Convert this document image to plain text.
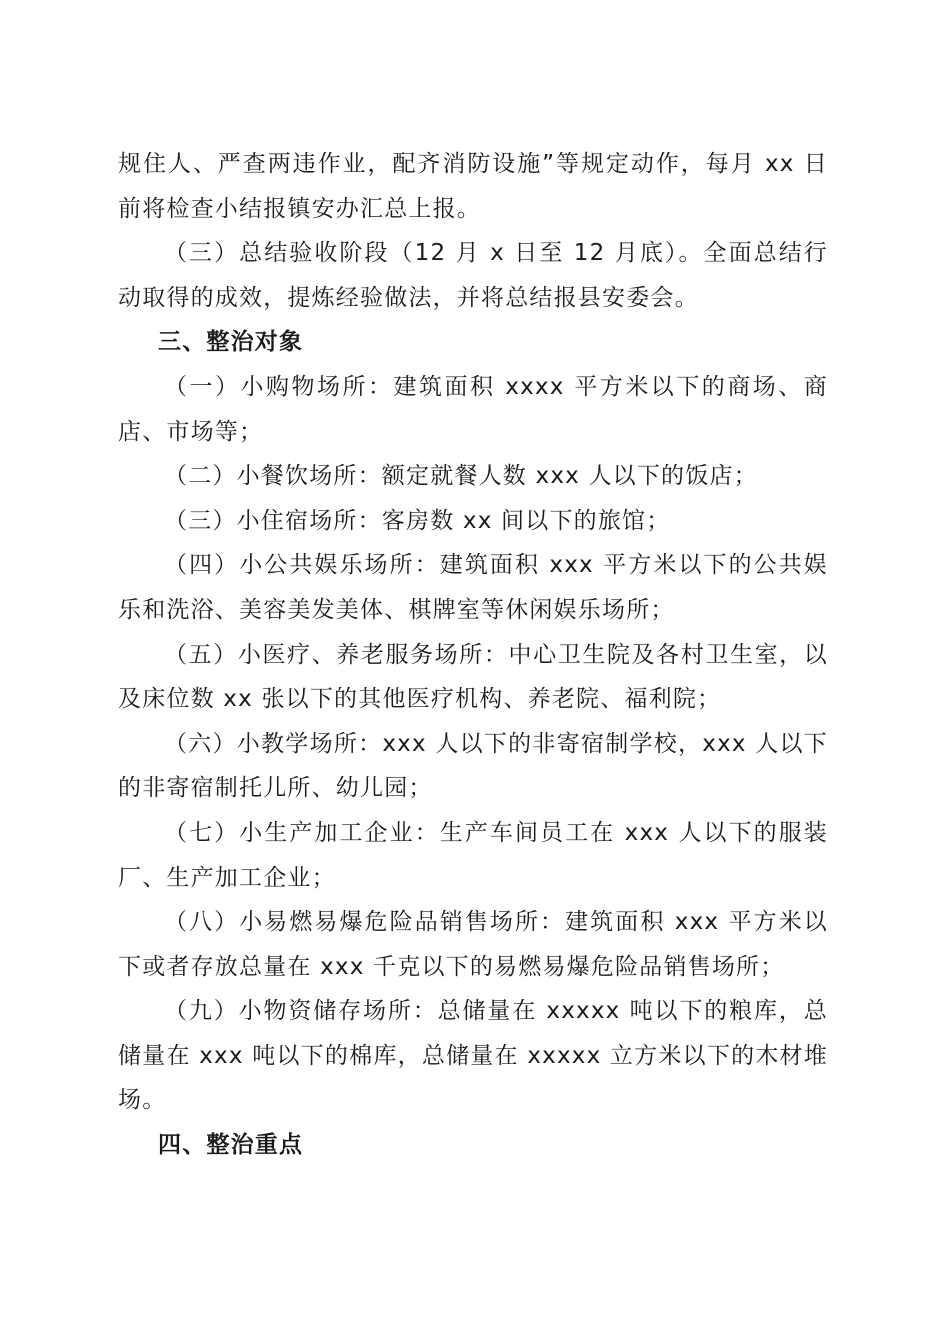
规住人、严查两违作业，配齐消防设施”等规定动作，每月 xx 日前将检查小结报镇安办汇总上报。

（三）总结验收阶段（12 月 x 日至 12 月底）。全面总结行动取得的成效，提炼经验做法，并将总结报县安委会。

三、整治对象

（一）小购物场所：建筑面积 xxxx 平方米以下的商场、商店、市场等；

（二）小餐饮场所：额定就餐人数 xxx 人以下的饭店；

（三）小住宿场所：客房数 xx 间以下的旅馆；

（四）小公共娱乐场所：建筑面积 xxx 平方米以下的公共娱乐和洗浴、美容美发美体、棋牌室等休闲娱乐场所；

（五）小医疗、养老服务场所：中心卫生院及各村卫生室，以及床位数 xx 张以下的其他医疗机构、养老院、福利院；

（六）小教学场所：xxx 人以下的非寄宿制学校，xxx 人以下的非寄宿制托儿所、幼儿园；

（七）小生产加工企业：生产车间员工在 xxx 人以下的服装厂、生产加工企业；

（八）小易燃易爆危险品销售场所：建筑面积 xxx 平方米以下或者存放总量在 xxx 千克以下的易燃易爆危险品销售场所；

（九）小物资储存场所：总储量在 xxxxx 吨以下的粮库，总储量在 xxx 吨以下的棉库，总储量在 xxxxx 立方米以下的木材堆场。

四、整治重点
